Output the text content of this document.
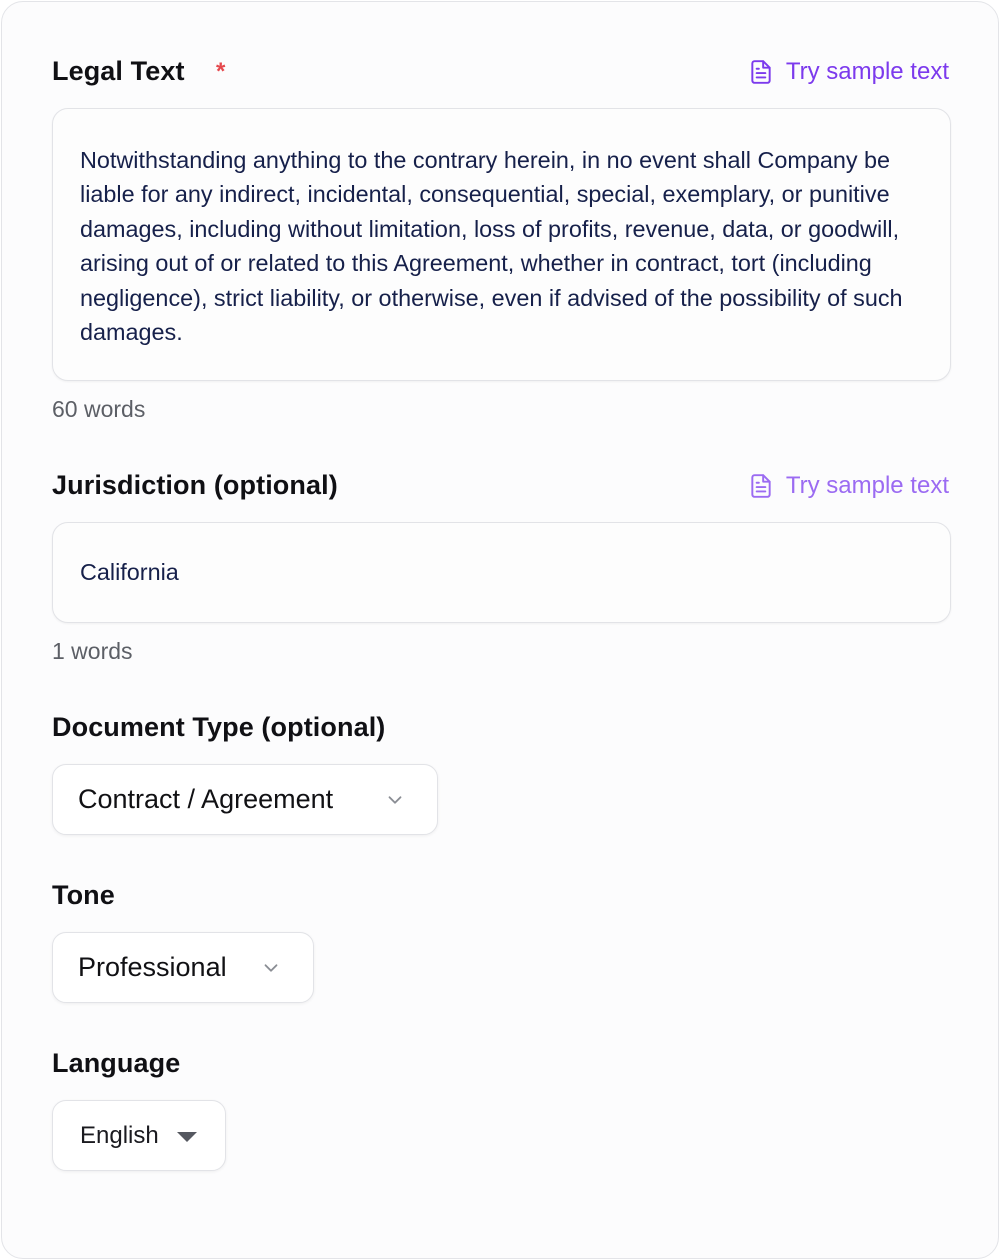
Legal Text *	Try sample text
Notwithstanding anything to the contrary herein, in no event shall Company be liable for any indirect, incidental, consequential, special, exemplary, or punitive damages, including without limitation, loss of profits, revenue, data, or goodwill, arising out of or related to this Agreement, whether in contract, tort (including negligence), strict liability, or otherwise, even if advised of the possibility of such damages.
60 words
Jurisdiction (optional)	Try sample text
California
1 words
Document Type (optional)
Contract / Agreement
Tone
Professional
Language
English
